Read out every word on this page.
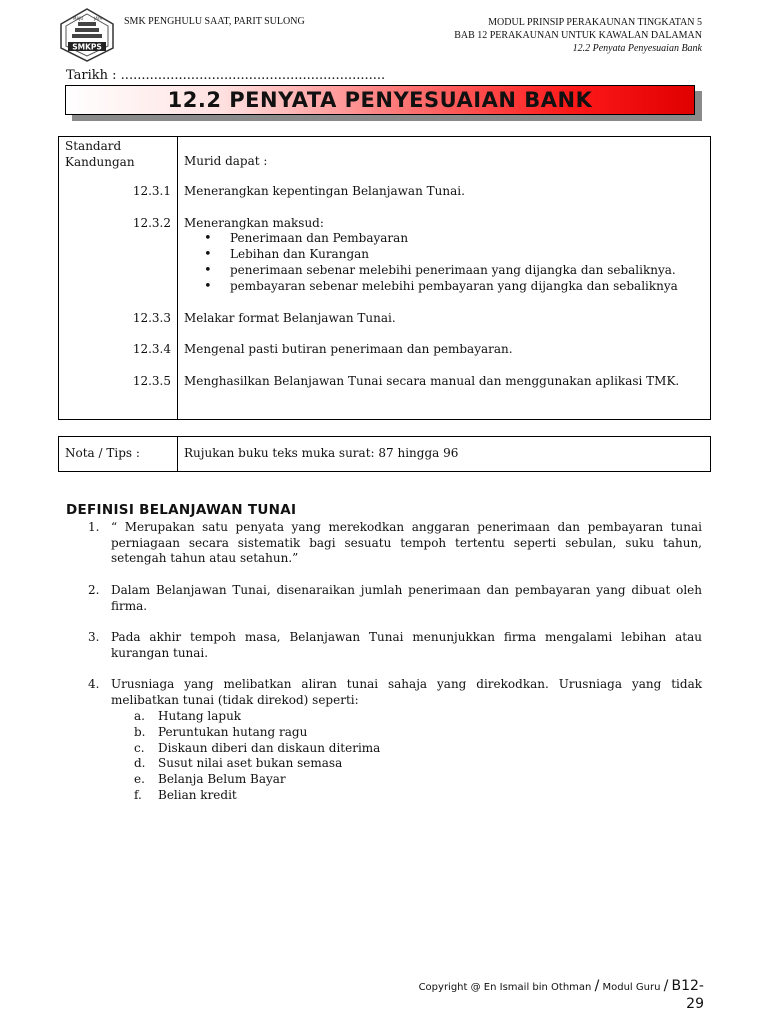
SMKPS
MAJU	JAYA SMK PENGHULU SAAT, PARIT SULONG	MODUL PRINSIP PERAKAUNAN TINGKATAN 5
BAB 12 PERAKAUNAN UNTUK KAWALAN DALAMAN
12.2 Penyata Penyesuaian Bank
Tarikh : ................................................................
12.2 PENYATA PENYESUAIAN BANK
Standard Kandungan	Murid dapat :
12.3.1 Menerangkan kepentingan Belanjawan Tunai.
12.3.2 Menerangkan maksud:
• Penerimaan dan Pembayaran
• Lebihan dan Kurangan
• penerimaan sebenar melebihi penerimaan yang dijangka dan sebaliknya.
• pembayaran sebenar melebihi pembayaran yang dijangka dan sebaliknya
12.3.3 Melakar format Belanjawan Tunai.
12.3.4 Mengenal pasti butiran penerimaan dan pembayaran.
12.3.5 Menghasilkan Belanjawan Tunai secara manual dan menggunakan aplikasi TMK.
Nota / Tips :	Rujukan buku teks muka surat: 87 hingga 96
DEFINISI BELANJAWAN TUNAI
1. “ Merupakan satu penyata yang merekodkan anggaran penerimaan dan pembayaran tunai perniagaan secara sistematik bagi sesuatu tempoh tertentu seperti sebulan, suku tahun, setengah tahun atau setahun.”
2. Dalam Belanjawan Tunai, disenaraikan jumlah penerimaan dan pembayaran yang dibuat oleh firma.
3. Pada akhir tempoh masa, Belanjawan Tunai menunjukkan firma mengalami lebihan atau kurangan tunai.
4. Urusniaga yang melibatkan aliran tunai sahaja yang direkodkan. Urusniaga yang tidak melibatkan tunai (tidak direkod) seperti:
a. Hutang lapuk
b. Peruntukan hutang ragu
c. Diskaun diberi dan diskaun diterima
d. Susut nilai aset bukan semasa
e. Belanja Belum Bayar
f. Belian kredit
Copyright @ En Ismail bin Othman / Modul Guru / B12-
29
